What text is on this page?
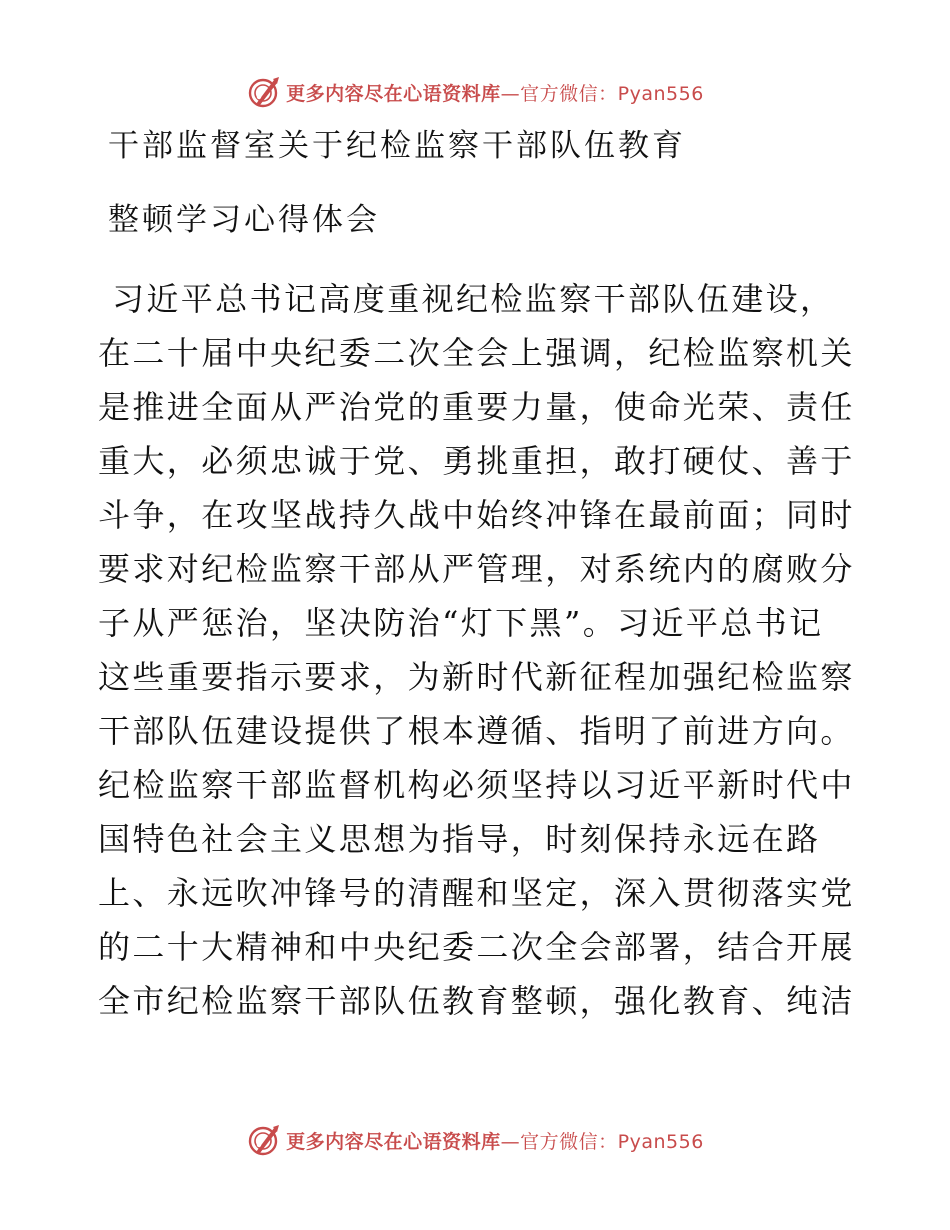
更多内容尽在心语资料库—官方微信：Pyan556
干部监督室关于纪检监察干部队伍教育
整顿学习心得体会
习近平总书记高度重视纪检监察干部队伍建设，
在二十届中央纪委二次全会上强调，纪检监察机关
是推进全面从严治党的重要力量，使命光荣、责任
重大，必须忠诚于党、勇挑重担，敢打硬仗、善于
斗争，在攻坚战持久战中始终冲锋在最前面；同时
要求对纪检监察干部从严管理，对系统内的腐败分
子从严惩治，坚决防治“灯下黑”。习近平总书记
这些重要指示要求，为新时代新征程加强纪检监察
干部队伍建设提供了根本遵循、指明了前进方向。
纪检监察干部监督机构必须坚持以习近平新时代中
国特色社会主义思想为指导，时刻保持永远在路
上、永远吹冲锋号的清醒和坚定，深入贯彻落实党
的二十大精神和中央纪委二次全会部署，结合开展
全市纪检监察干部队伍教育整顿，强化教育、纯洁
更多内容尽在心语资料库—官方微信：Pyan556
